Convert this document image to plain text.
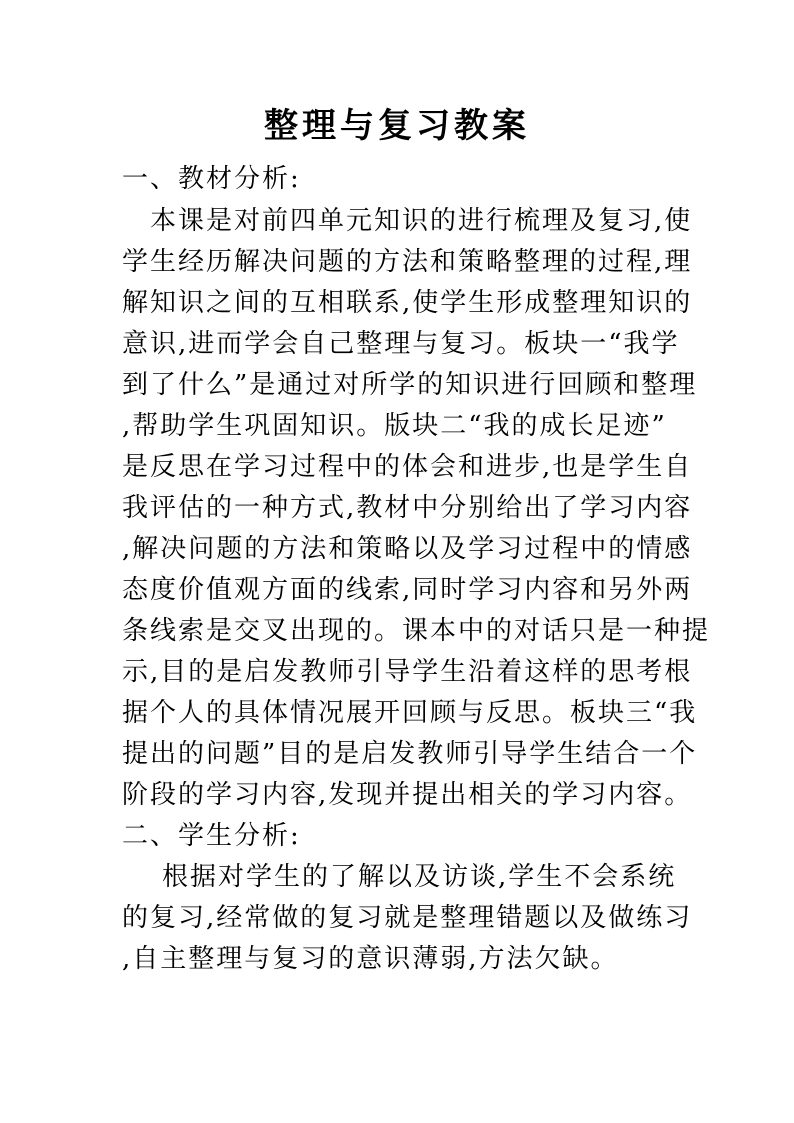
整理与复习教案
一、教材分析:
本课是对前四单元知识的进行梳理及复习,使
学生经历解决问题的方法和策略整理的过程,理
解知识之间的互相联系,使学生形成整理知识的
意识,进而学会自己整理与复习。板块一“我学
到了什么”是通过对所学的知识进行回顾和整理
,帮助学生巩固知识。版块二“我的成长足迹”
是反思在学习过程中的体会和进步,也是学生自
我评估的一种方式,教材中分别给出了学习内容
,解决问题的方法和策略以及学习过程中的情感
态度价值观方面的线索,同时学习内容和另外两
条线索是交叉出现的。课本中的对话只是一种提
示,目的是启发教师引导学生沿着这样的思考根
据个人的具体情况展开回顾与反思。板块三“我
提出的问题”目的是启发教师引导学生结合一个
阶段的学习内容,发现并提出相关的学习内容。
二、学生分析:
根据对学生的了解以及访谈,学生不会系统
的复习,经常做的复习就是整理错题以及做练习
,自主整理与复习的意识薄弱,方法欠缺。
